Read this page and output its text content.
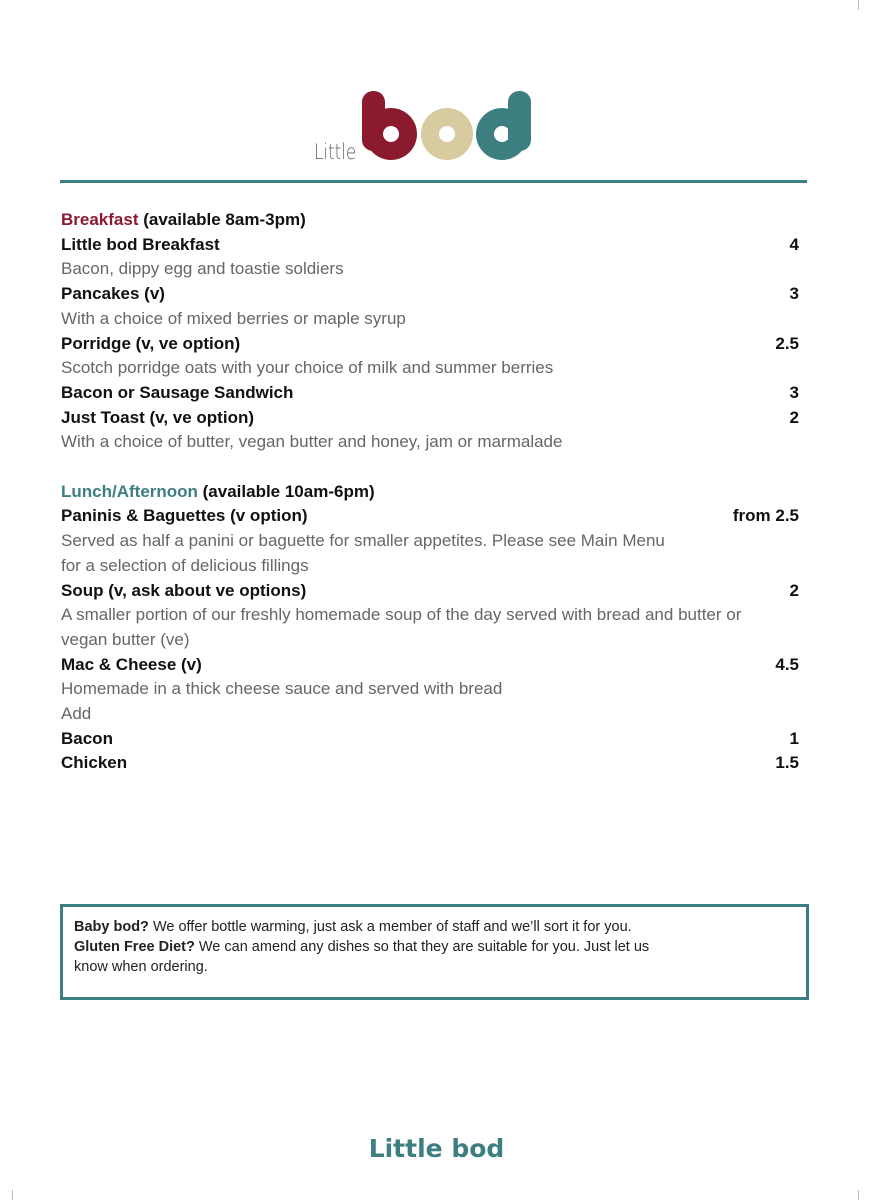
Little
Breakfast (available 8am-3pm)
Little bod Breakfast	4
Bacon, dippy egg and toastie soldiers
Pancakes (v)	3
With a choice of mixed berries or maple syrup
Porridge (v, ve option)	2.5
Scotch porridge oats with your choice of milk and summer berries
Bacon or Sausage Sandwich	3
Just Toast (v, ve option)	2
With a choice of butter, vegan butter and honey, jam or marmalade
Lunch/Afternoon (available 10am-6pm)
Paninis & Baguettes (v option)	from 2.5
Served as half a panini or baguette for smaller appetites. Please see Main Menu
for a selection of delicious fillings
Soup (v, ask about ve options)	2
A smaller portion of our freshly homemade soup of the day served with bread and butter or
vegan butter (ve)
Mac & Cheese (v)	4.5
Homemade in a thick cheese sauce and served with bread
Add
Bacon	1
Chicken	1.5
Baby bod? We offer bottle warming, just ask a member of staff and we’ll sort it for you.
Gluten Free Diet? We can amend any dishes so that they are suitable for you. Just let us
know when ordering.
Little bod
